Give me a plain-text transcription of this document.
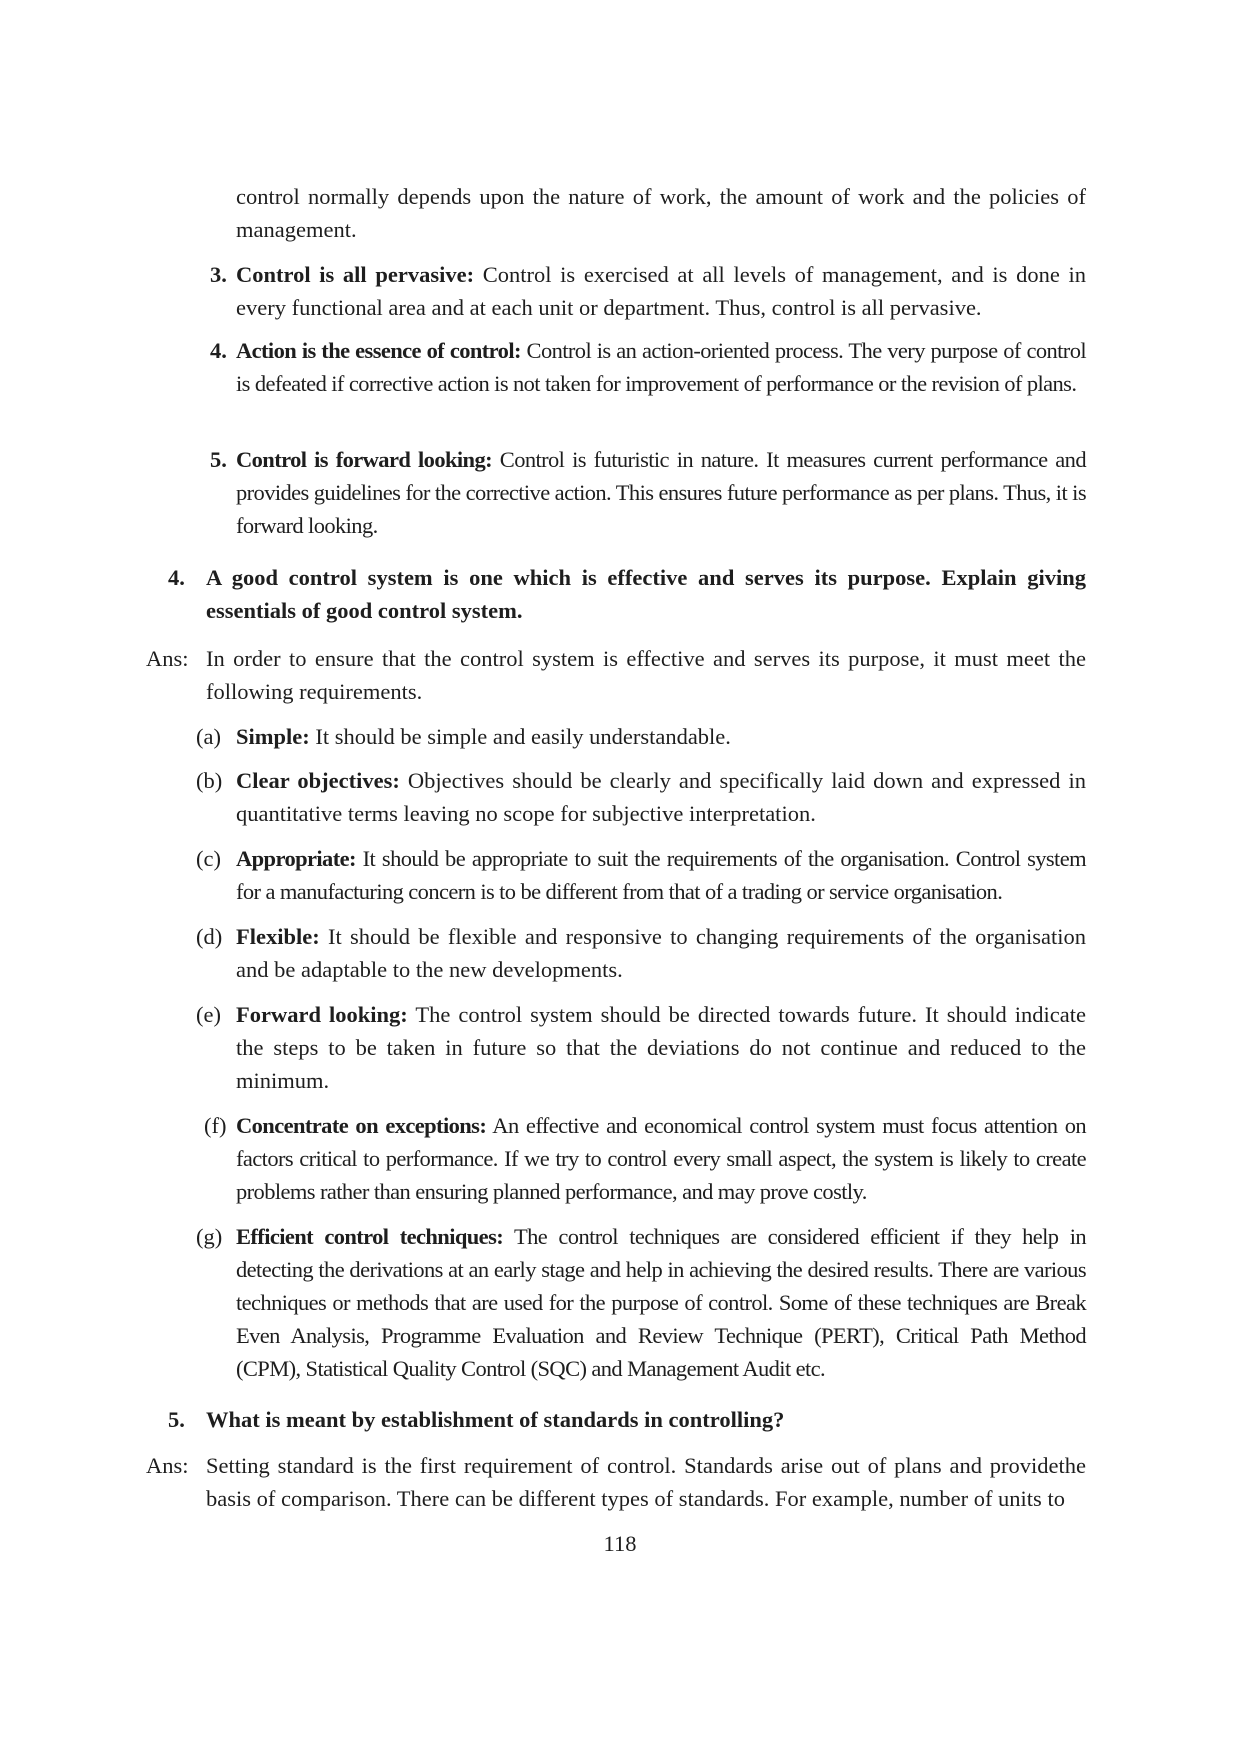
control normally depends upon the nature of work, the amount of work and the policies of management.

3. Control is all pervasive: Control is exercised at all levels of management, and is done in every functional area and at each unit or department. Thus, control is all pervasive.

4. Action is the essence of control: Control is an action-oriented process. The very purpose of control is defeated if corrective action is not taken for improvement of performance or the revision of plans.

5. Control is forward looking: Control is futuristic in nature. It measures current performance and provides guidelines for the corrective action. This ensures future performance as per plans. Thus, it is forward looking.

4. A good control system is one which is effective and serves its purpose. Explain giving essentials of good control system.

Ans: In order to ensure that the control system is effective and serves its purpose, it must meet the following requirements.

(a) Simple: It should be simple and easily understandable.

(b) Clear objectives: Objectives should be clearly and specifically laid down and expressed in quantitative terms leaving no scope for subjective interpretation.

(c) Appropriate: It should be appropriate to suit the requirements of the organisation. Control system for a manufacturing concern is to be different from that of a trading or service organisation.

(d) Flexible: It should be flexible and responsive to changing requirements of the organisation and be adaptable to the new developments.

(e) Forward looking: The control system should be directed towards future. It should indicate the steps to be taken in future so that the deviations do not continue and reduced to the minimum.

(f) Concentrate on exceptions: An effective and economical control system must focus attention on factors critical to performance. If we try to control every small aspect, the system is likely to create problems rather than ensuring planned performance, and may prove costly.

(g) Efficient control techniques: The control techniques are considered efficient if they help in detecting the derivations at an early stage and help in achieving the desired results. There are various techniques or methods that are used for the purpose of control. Some of these techniques are Break Even Analysis, Programme Evaluation and Review Technique (PERT), Critical Path Method (CPM), Statistical Quality Control (SQC) and Management Audit etc.

5. What is meant by establishment of standards in controlling?

Ans: Setting standard is the first requirement of control. Standards arise out of plans and providethe basis of comparison. There can be different types of standards. For example, number of units to

118
